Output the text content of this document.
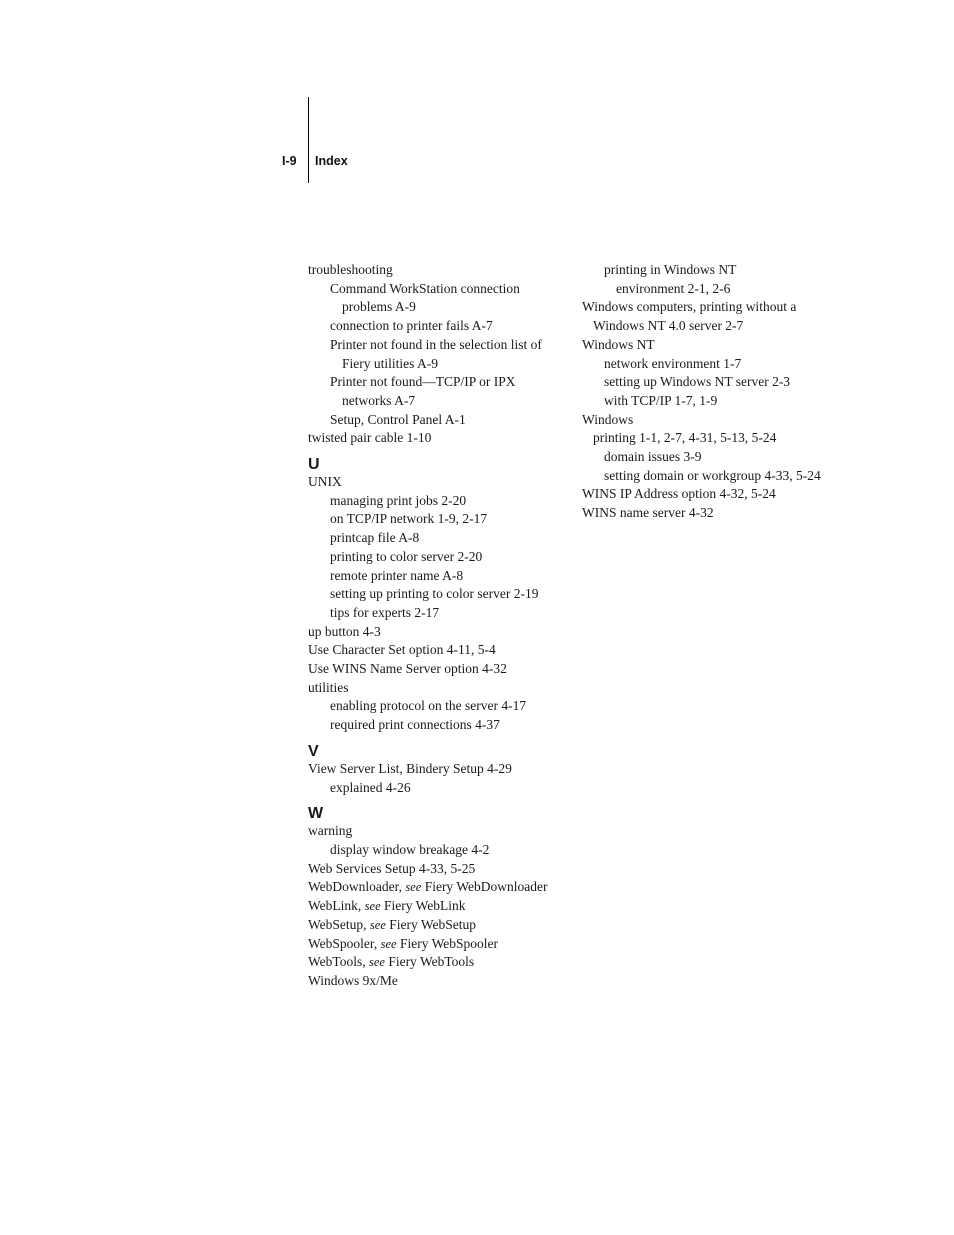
I-9 Index
troubleshooting
Command WorkStation connection
problems A-9
connection to printer fails A-7
Printer not found in the selection list of
Fiery utilities A-9
Printer not found—TCP/IP or IPX
networks A-7
Setup, Control Panel A-1
twisted pair cable 1-10
U
UNIX
managing print jobs 2-20
on TCP/IP network 1-9, 2-17
printcap file A-8
printing to color server 2-20
remote printer name A-8
setting up printing to color server 2-19
tips for experts 2-17
up button 4-3
Use Character Set option 4-11, 5-4
Use WINS Name Server option 4-32
utilities
enabling protocol on the server 4-17
required print connections 4-37
V
View Server List, Bindery Setup 4-29
explained 4-26
W
warning
display window breakage 4-2
Web Services Setup 4-33, 5-25
WebDownloader, see Fiery WebDownloader
WebLink, see Fiery WebLink
WebSetup, see Fiery WebSetup
WebSpooler, see Fiery WebSpooler
WebTools, see Fiery WebTools
Windows 9x/Me
printing in Windows NT
environment 2-1, 2-6
Windows computers, printing without a
Windows NT 4.0 server 2-7
Windows NT
network environment 1-7
setting up Windows NT server 2-3
with TCP/IP 1-7, 1-9
Windows
printing 1-1, 2-7, 4-31, 5-13, 5-24
domain issues 3-9
setting domain or workgroup 4-33, 5-24
WINS IP Address option 4-32, 5-24
WINS name server 4-32
